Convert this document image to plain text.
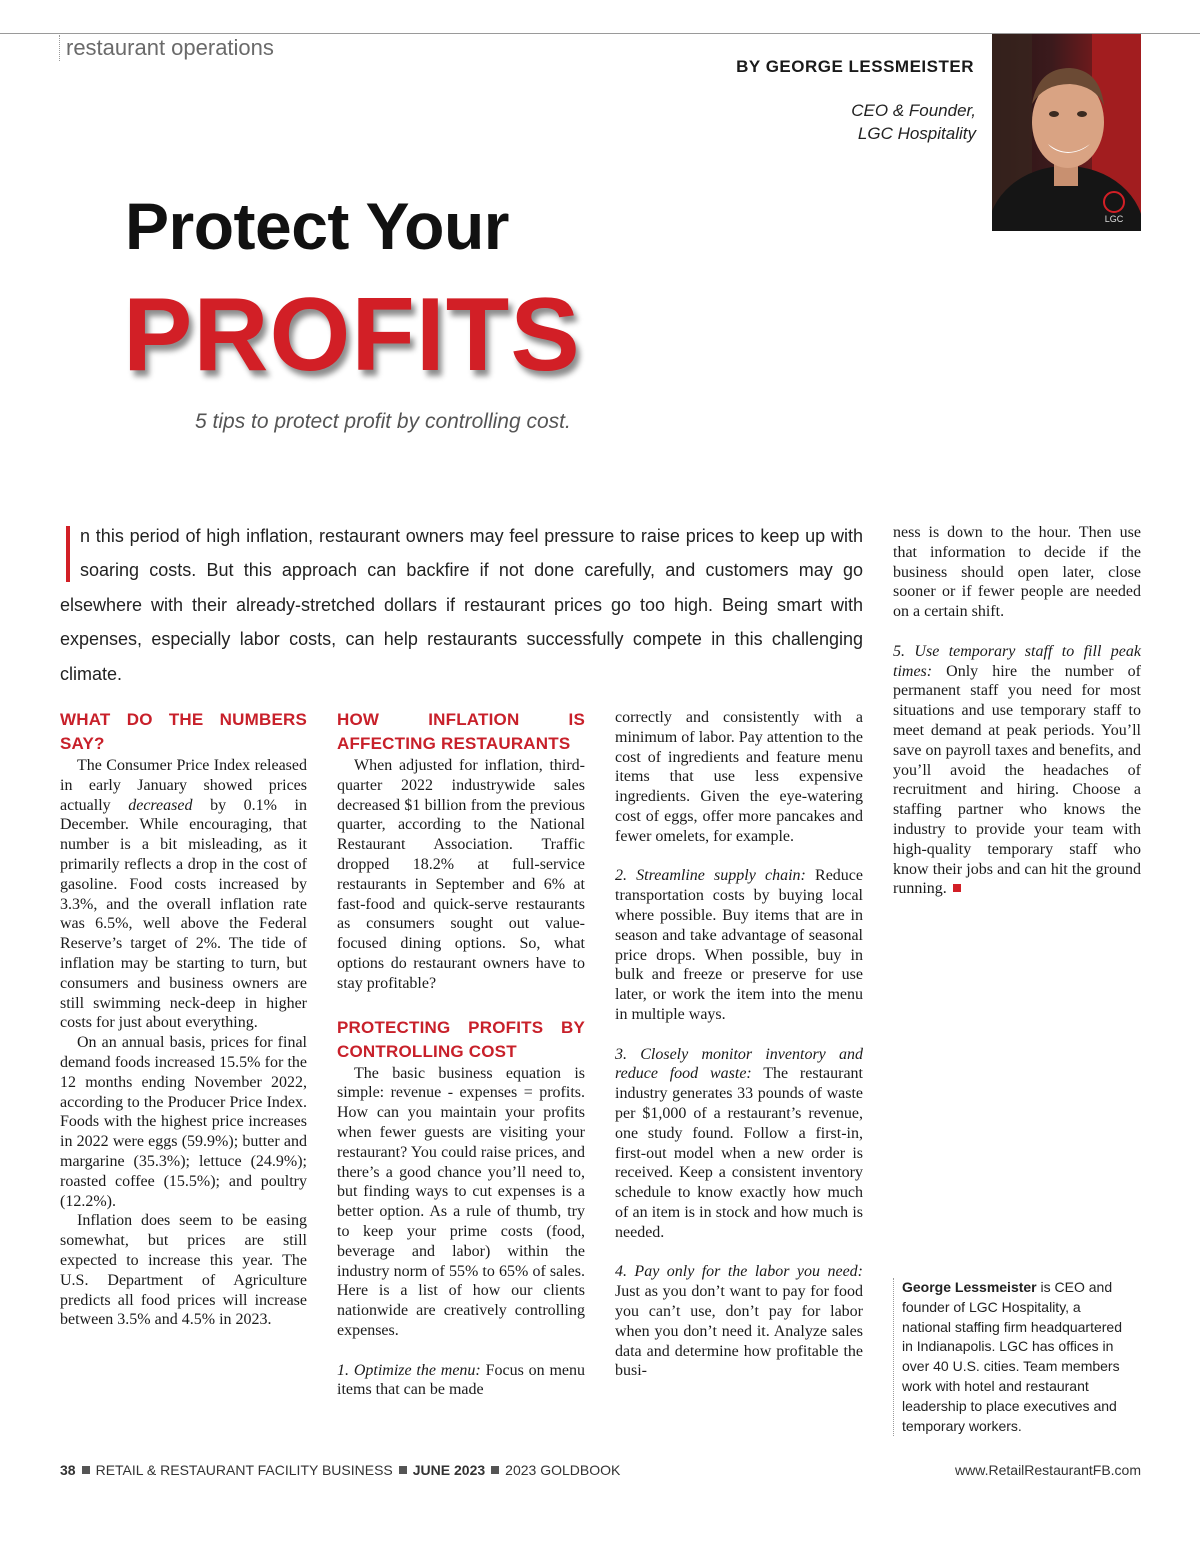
restaurant operations
BY GEORGE LESSMEISTER
CEO & Founder,
LGC Hospitality
LGC
Protect Your
PROFITS
5 tips to protect profit by controlling cost.

n this period of high inflation, restaurant owners may feel pressure to raise prices to keep up with soaring costs. But this approach can backfire if not done carefully, and customers may go elsewhere with their already-stretched dollars if restaurant prices go too high. Being smart with expenses, especially labor costs, can help restaurants successfully compete in this challenging climate.

WHAT DO THE NUMBERS SAY?

The Consumer Price Index released in early January showed prices actually decreased by 0.1% in December. While encouraging, that number is a bit misleading, as it primarily reflects a drop in the cost of gasoline. Food costs increased by 3.3%, and the overall inflation rate was 6.5%, well above the Federal Reserve’s target of 2%. The tide of inflation may be starting to turn, but consumers and business owners are still swimming neck-deep in higher costs for just about everything.

On an annual basis, prices for final demand foods increased 15.5% for the 12 months ending November 2022, according to the Producer Price Index. Foods with the highest price increases in 2022 were eggs (59.9%); butter and margarine (35.3%); lettuce (24.9%); roasted coffee (15.5%); and poultry (12.2%).

Inflation does seem to be easing somewhat, but prices are still expected to increase this year. The U.S. Department of Agriculture predicts all food prices will increase between 3.5% and 4.5% in 2023.

HOW INFLATION IS AFFECTING RESTAURANTS

When adjusted for inflation, third-quarter 2022 industrywide sales decreased $1 billion from the previous quarter, according to the National Restaurant Association. Traffic dropped 18.2% at full-service restaurants in September and 6% at fast-food and quick-serve restaurants as consumers sought out value-focused dining options. So, what options do restaurant owners have to stay profitable?

PROTECTING PROFITS BY CONTROLLING COST

The basic business equation is simple: revenue - expenses = profits. How can you maintain your profits when fewer guests are visiting your restaurant? You could raise prices, and there’s a good chance you’ll need to, but finding ways to cut expenses is a better option. As a rule of thumb, try to keep your prime costs (food, beverage and labor) within the industry norm of 55% to 65% of sales. Here is a list of how our clients nationwide are creatively controlling expenses.

1. Optimize the menu: Focus on menu items that can be made

correctly and consistently with a minimum of labor. Pay attention to the cost of ingredients and feature menu items that use less expensive ingredients. Given the eye-watering cost of eggs, offer more pancakes and fewer omelets, for example.

2. Streamline supply chain: Reduce transportation costs by buying local where possible. Buy items that are in season and take advantage of seasonal price drops. When possible, buy in bulk and freeze or preserve for use later, or work the item into the menu in multiple ways.

3. Closely monitor inventory and reduce food waste: The restaurant industry generates 33 pounds of waste per $1,000 of a restaurant’s revenue, one study found. Follow a first-in, first-out model when a new order is received. Keep a consistent inventory schedule to know exactly how much of an item is in stock and how much is needed.

4. Pay only for the labor you need: Just as you don’t want to pay for food you can’t use, don’t pay for labor when you don’t need it. Analyze sales data and determine how profitable the busi-

ness is down to the hour. Then use that information to decide if the business should open later, close sooner or if fewer people are needed on a certain shift.

5. Use temporary staff to fill peak times: Only hire the number of permanent staff you need for most situations and use temporary staff to meet demand at peak periods. You’ll save on payroll taxes and benefits, and you’ll avoid the headaches of recruitment and hiring. Choose a staffing partner who knows the industry to provide your team with high-quality temporary staff who know their jobs and can hit the ground running.

George Lessmeister is CEO and founder of LGC Hospitality, a national staffing firm headquartered in Indianapolis. LGC has offices in over 40 U.S. cities. Team members work with hotel and restaurant leadership to place executives and temporary workers.
38 RETAIL & RESTAURANT FACILITY BUSINESS JUNE 2023 2023 GOLDBOOK	www.RetailRestaurantFB.com
